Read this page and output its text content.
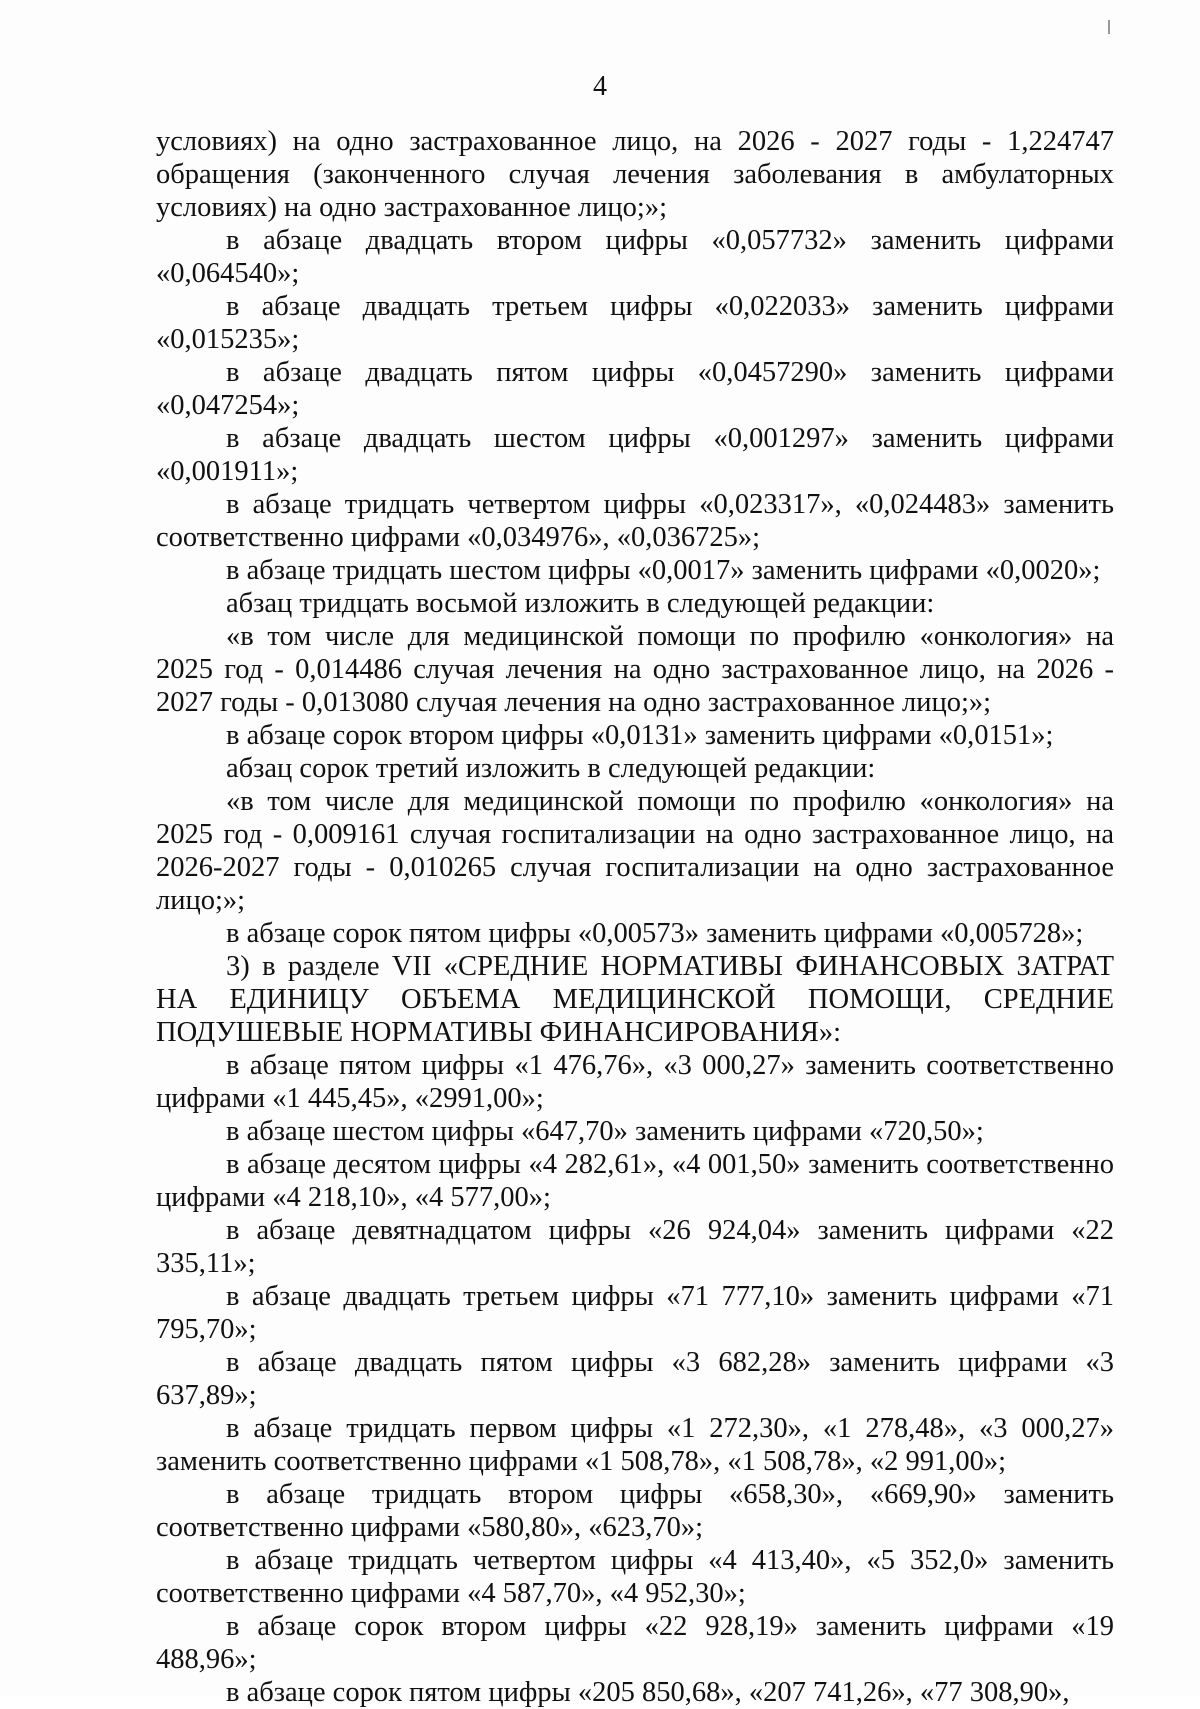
4

условиях) на одно застрахованное лицо, на 2026 - 2027 годы - 1,224747 обращения (законченного случая лечения заболевания в амбулаторных условиях) на одно застрахованное лицо;»;

в абзаце двадцать втором цифры «0,057732» заменить цифрами «0,064540»;

в абзаце двадцать третьем цифры «0,022033» заменить цифрами «0,015235»;

в абзаце двадцать пятом цифры «0,0457290» заменить цифрами «0,047254»;

в абзаце двадцать шестом цифры «0,001297» заменить цифрами «0,001911»;

в абзаце тридцать четвертом цифры «0,023317», «0,024483» заменить соответственно цифрами «0,034976», «0,036725»;

в абзаце тридцать шестом цифры «0,0017» заменить цифрами «0,0020»;

абзац тридцать восьмой изложить в следующей редакции:

«в том числе для медицинской помощи по профилю «онкология» на 2025 год - 0,014486 случая лечения на одно застрахованное лицо, на 2026 - 2027 годы - 0,013080 случая лечения на одно застрахованное лицо;»;

в абзаце сорок втором цифры «0,0131» заменить цифрами «0,0151»;

абзац сорок третий изложить в следующей редакции:

«в том числе для медицинской помощи по профилю «онкология» на 2025 год - 0,009161 случая госпитализации на одно застрахованное лицо, на 2026-2027 годы - 0,010265 случая госпитализации на одно застрахованное лицо;»;

в абзаце сорок пятом цифры «0,00573» заменить цифрами «0,005728»;

3) в разделе VII «СРЕДНИЕ НОРМАТИВЫ ФИНАНСОВЫХ ЗАТРАТ НА ЕДИНИЦУ ОБЪЕМА МЕДИЦИНСКОЙ ПОМОЩИ, СРЕДНИЕ ПОДУШЕВЫЕ НОРМАТИВЫ ФИНАНСИРОВАНИЯ»:

в абзаце пятом цифры «1 476,76», «3 000,27» заменить соответственно цифрами «1 445,45», «2991,00»;

в абзаце шестом цифры «647,70» заменить цифрами «720,50»;

в абзаце десятом цифры «4 282,61», «4 001,50» заменить соответственно цифрами «4 218,10», «4 577,00»;

в абзаце девятнадцатом цифры «26 924,04» заменить цифрами «22 335,11»;

в абзаце двадцать третьем цифры «71 777,10» заменить цифрами «71 795,70»;

в абзаце двадцать пятом цифры «3 682,28» заменить цифрами «3 637,89»;

в абзаце тридцать первом цифры «1 272,30», «1 278,48», «3 000,27» заменить соответственно цифрами «1 508,78», «1 508,78», «2 991,00»;

в абзаце тридцать втором цифры «658,30», «669,90» заменить соответственно цифрами «580,80», «623,70»;

в абзаце тридцать четвертом цифры «4 413,40», «5 352,0» заменить соответственно цифрами «4 587,70», «4 952,30»;

в абзаце сорок втором цифры «22 928,19» заменить цифрами «19 488,96»;

в абзаце сорок пятом цифры «205 850,68», «207 741,26», «77 308,90»,
